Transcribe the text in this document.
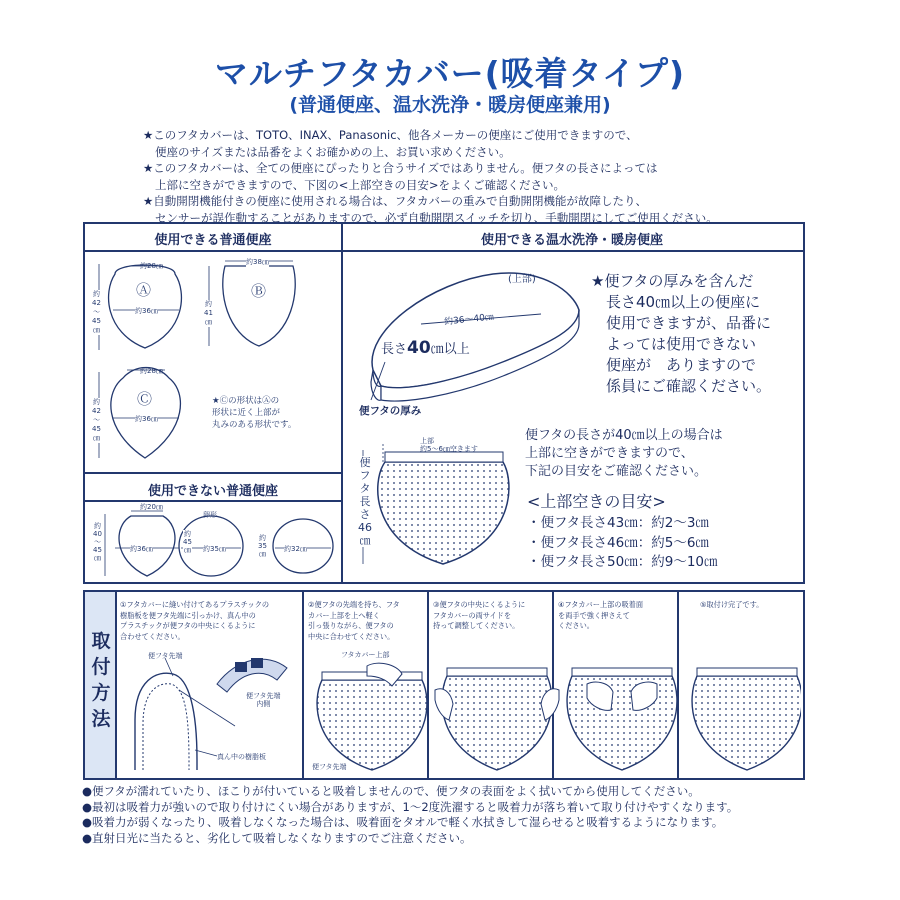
マルチフタカバー(吸着タイプ)
(普通便座、温水洗浄・暖房便座兼用)
★このフタカバーは、TOTO、INAX、Panasonic、他各メーカーの便座にご使用できますので、
便座のサイズまたは品番をよくお確かめの上、お買い求めください。
★このフタカバーは、全ての便座にぴったりと合うサイズではありません。便フタの長さによっては
上部に空きができますので、下図の<上部空きの目安>をよくご確認ください。
★自動開閉機能付きの便座に使用される場合は、フタカバーの重みで自動開閉機能が故障したり、
センサーが誤作動することがありますので、必ず自動開閉スイッチを切り、手動開閉にしてご使用ください。
使用できる普通便座	使用できる温水洗浄・暖房便座
使用できない普通便座
約28㎝
Ⓐ
約36㎝
約
42
〜
45
㎝
約38㎝
Ⓑ
約
41
㎝
約28㎝
Ⓒ
約36㎝
約
42
〜
45
㎝
★Ⓒの形状はⒶの
形状に近く上部が
丸みのある形状です。
約20㎝
約
40
〜
45
㎝
約36㎝
卵形
約
45
㎝ 約35㎝
約
35
㎝
約32㎝
(上部)
約36〜40㎝
長さ40㎝以上
便フタの厚み
★便フタの厚みを含んだ
長さ40㎝以上の便座に
使用できますが、品番に
よっては使用できない
便座が　ありますので
係員にご確認ください。
上部
約5〜6㎝空きます
便
フ
タ
長
さ
46
㎝
便フタの長さが40㎝以上の場合は
上部に空きができますので、
下記の目安をご確認ください。
<上部空きの目安>
・便フタ長さ43㎝：約2〜3㎝
・便フタ長さ46㎝：約5〜6㎝
・便フタ長さ50㎝：約9〜10㎝
取
付
方
法
①フタカバーに縫い付けてあるプラスチックの
樹脂板を便フタ先端に引っかけ、真ん中の
プラスチックが便フタの中央にくるように
合わせてください。
②便フタの先端を持ち、フタ
カバー上部を上へ軽く
引っ張りながら、便フタの
中央に合わせてください。
③便フタの中央にくるように
フタカバーの両サイドを
持って調整してください。
④フタカバー上部の吸着面
を両手で強く押さえて
ください。
⑤取付け完了です。
便フタ先端
便フタ先端
内側
真ん中の樹脂板
フタカバー上部
便フタ先端
●便フタが濡れていたり、ほこりが付いていると吸着しませんので、便フタの表面をよく拭いてから使用してください。
●最初は吸着力が強いので取り付けにくい場合がありますが、1〜2度洗濯すると吸着力が落ち着いて取り付けやすくなります。
●吸着力が弱くなったり、吸着しなくなった場合は、吸着面をタオルで軽く水拭きして湿らせると吸着するようになります。
●直射日光に当たると、劣化して吸着しなくなりますのでご注意ください。
